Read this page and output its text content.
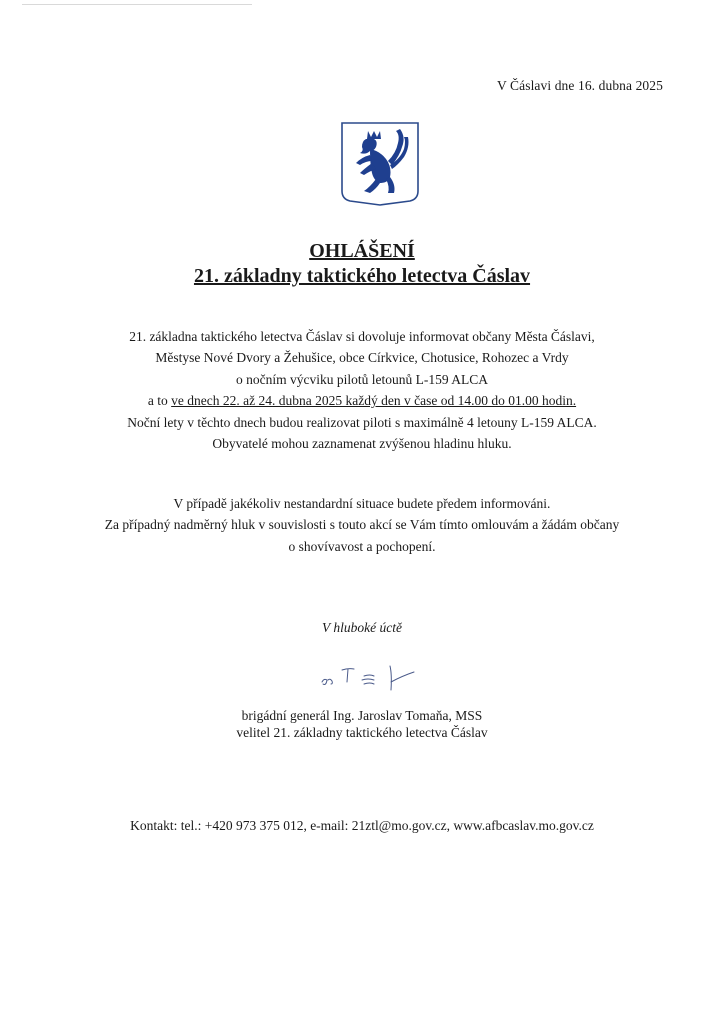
V Čáslavi dne 16. dubna 2025
OHLÁŠENÍ
21. základny taktického letectva Čáslav
21. základna taktického letectva Čáslav si dovoluje informovat občany Města Čáslavi,
Městyse Nové Dvory a Žehušice, obce Církvice, Chotusice, Rohozec a Vrdy
o nočním výcviku pilotů letounů L-159 ALCA
a to ve dnech 22. až 24. dubna 2025 každý den v čase od 14.00 do 01.00 hodin.
Noční lety v těchto dnech budou realizovat piloti s maximálně 4 letouny L-159 ALCA.
Obyvatelé mohou zaznamenat zvýšenou hladinu hluku.
V případě jakékoliv nestandardní situace budete předem informováni.
Za případný nadměrný hluk v souvislosti s touto akcí se Vám tímto omlouvám a žádám občany
o shovívavost a pochopení.
V hluboké úctě
brigádní generál Ing. Jaroslav Tomaňa, MSS
velitel 21. základny taktického letectva Čáslav
Kontakt: tel.: +420 973 375 012, e-mail: 21ztl@mo.gov.cz, www.afbcaslav.mo.gov.cz
